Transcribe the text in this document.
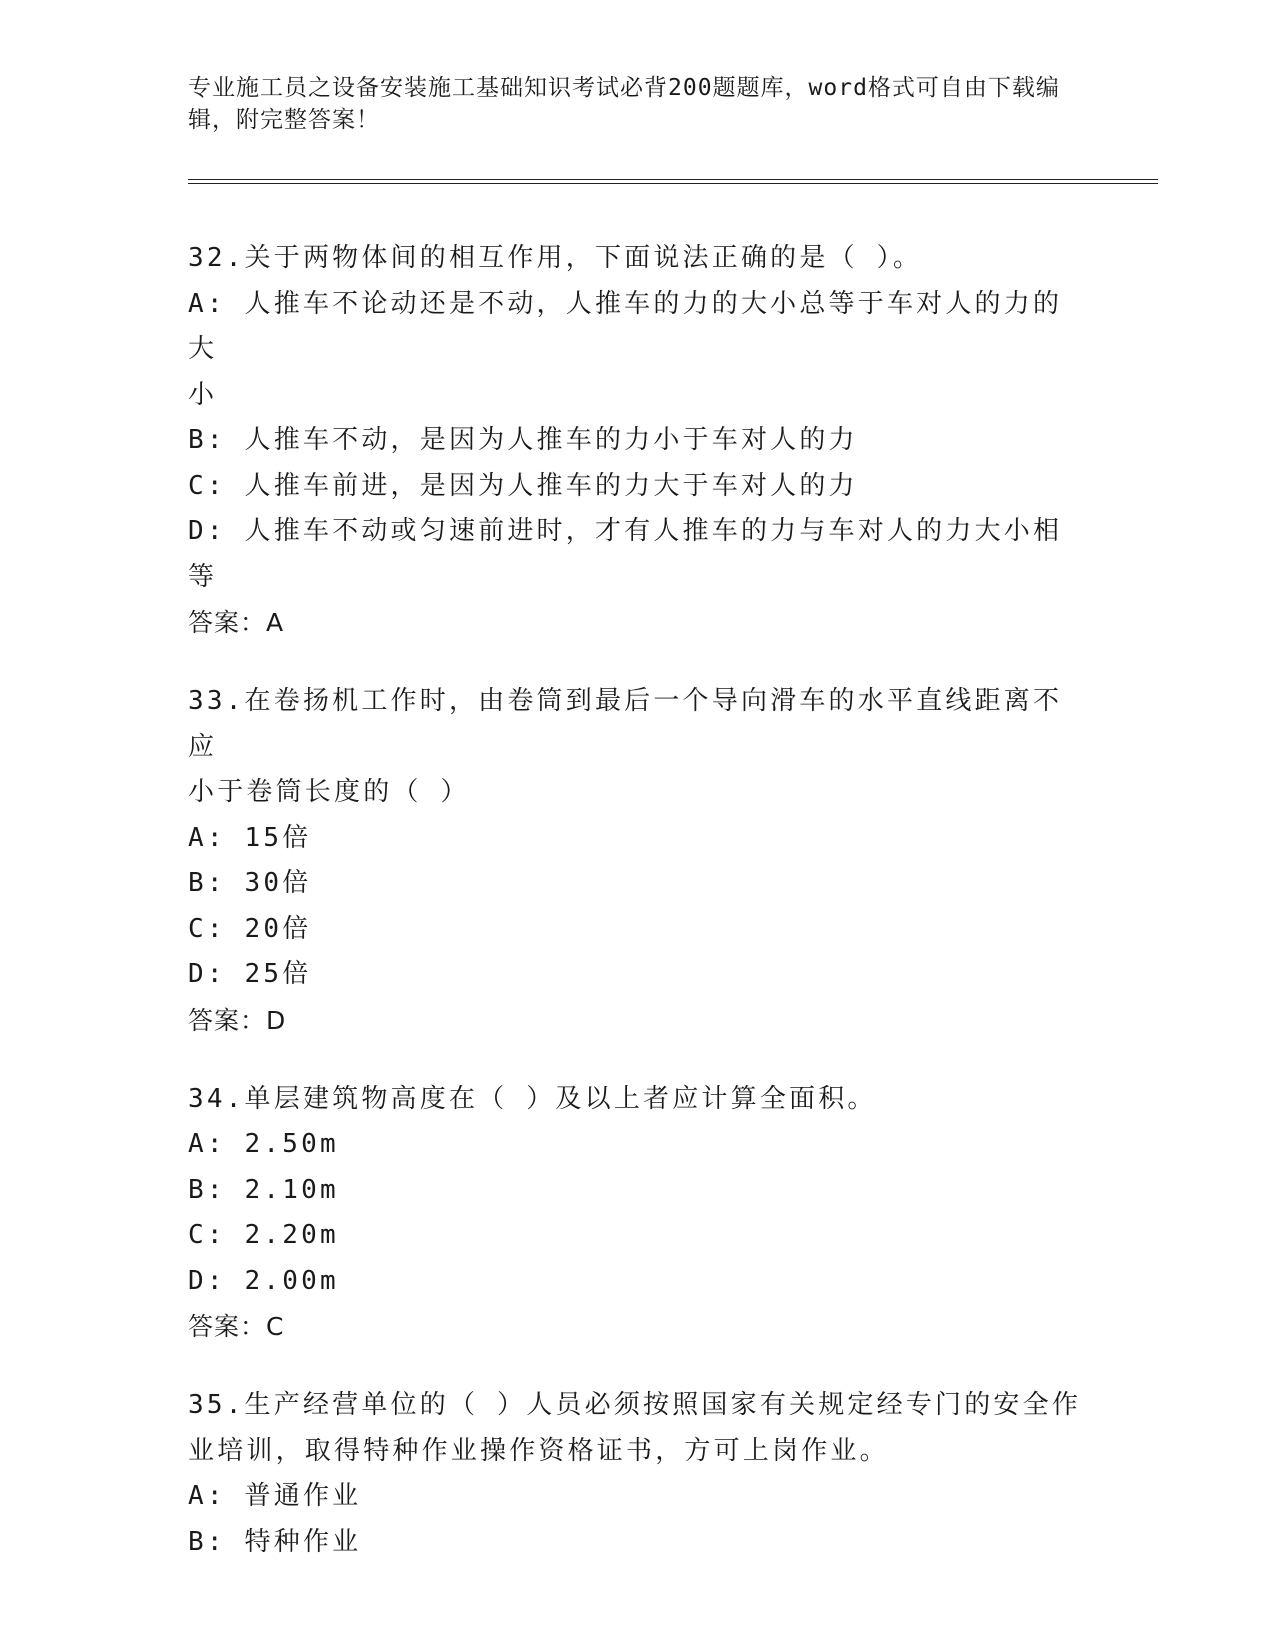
专业施工员之设备安装施工基础知识考试必背200题题库，word格式可自由下载编辑，附完整答案！
32.关于两物体间的相互作用，下面说法正确的是（ ）。
A: 人推车不论动还是不动，人推车的力的大小总等于车对人的力的大
小
B: 人推车不动，是因为人推车的力小于车对人的力
C: 人推车前进，是因为人推车的力大于车对人的力
D: 人推车不动或匀速前进时，才有人推车的力与车对人的力大小相等
答案：A
33.在卷扬机工作时，由卷筒到最后一个导向滑车的水平直线距离不应
小于卷筒长度的（ ）
A: 15倍
B: 30倍
C: 20倍
D: 25倍
答案：D
34.单层建筑物高度在（ ）及以上者应计算全面积。
A: 2.50m
B: 2.10m
C: 2.20m
D: 2.00m
答案：C
35.生产经营单位的（ ）人员必须按照国家有关规定经专门的安全作
业培训，取得特种作业操作资格证书，方可上岗作业。
A: 普通作业
B: 特种作业
